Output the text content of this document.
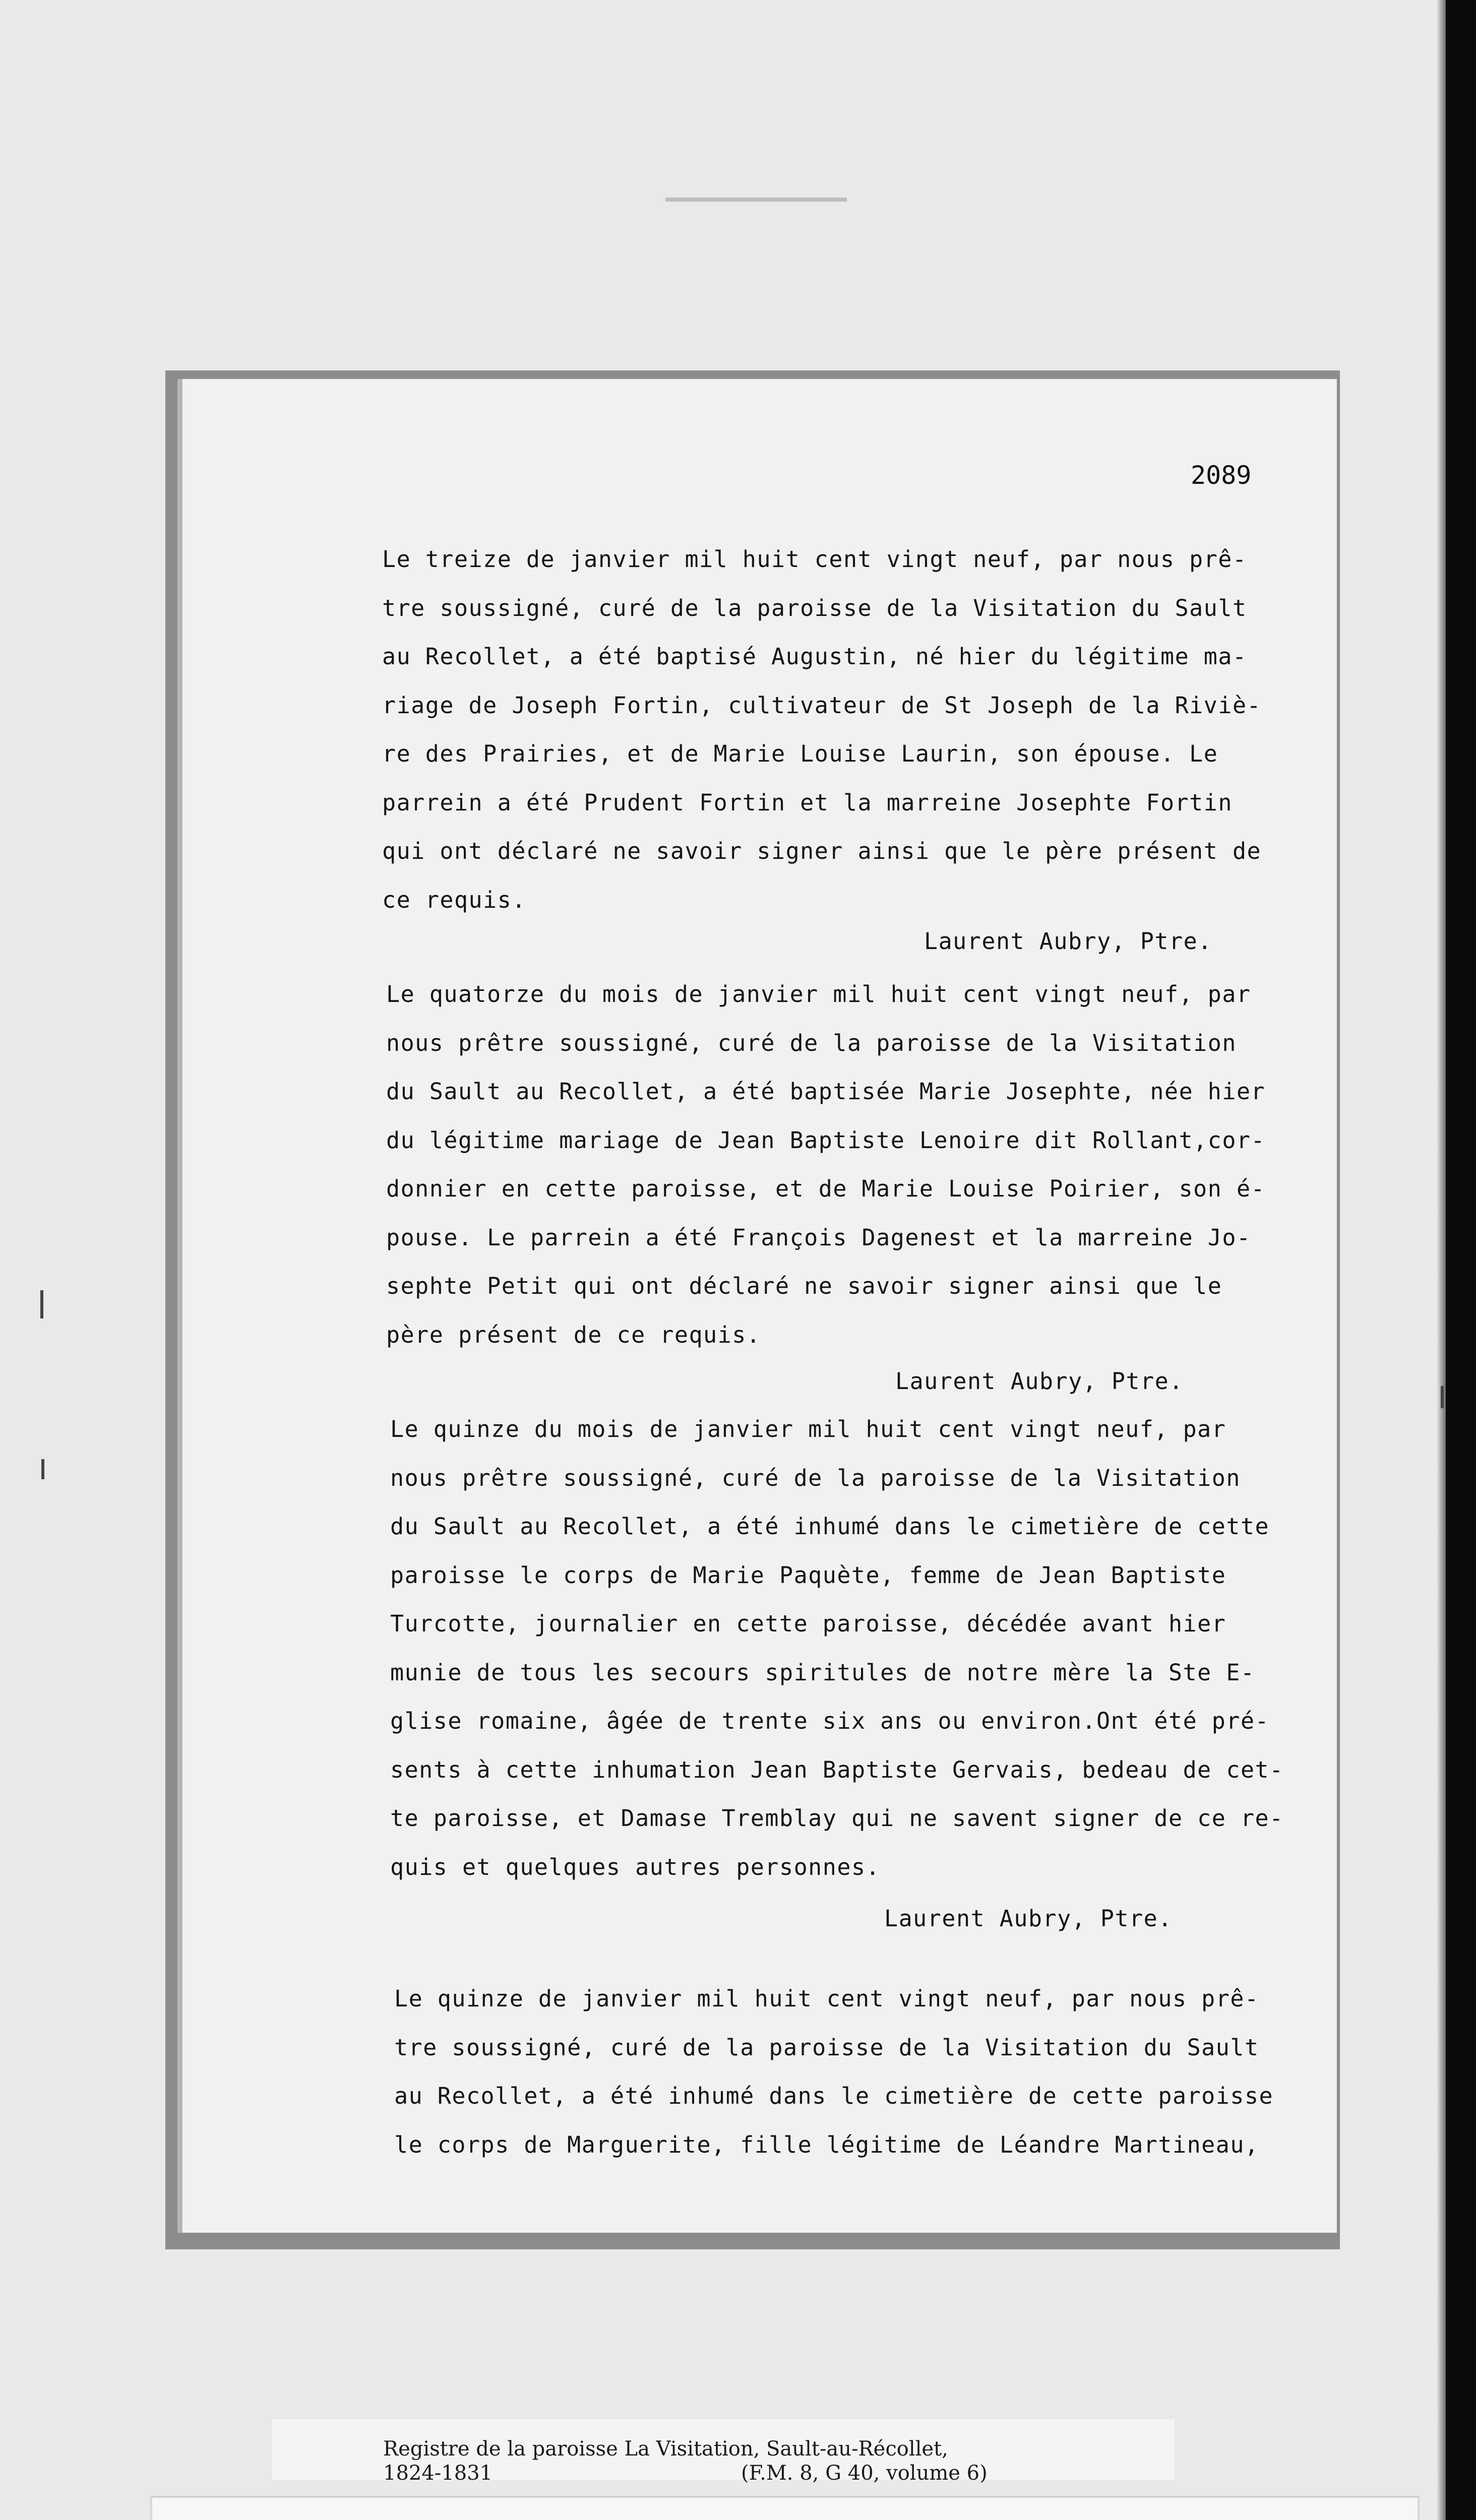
2089
Le treize de janvier mil huit cent vingt neuf, par nous prê-
tre soussigné, curé de la paroisse de la Visitation du Sault
au Recollet, a été baptisé Augustin, né hier du légitime ma-
riage de Joseph Fortin, cultivateur de St Joseph de la Riviè-
re des Prairies, et de Marie Louise Laurin, son épouse. Le
parrein a été Prudent Fortin et la marreine Josephte Fortin
qui ont déclaré ne savoir signer ainsi que le père présent de
ce requis.
Laurent Aubry, Ptre.
Le quatorze du mois de janvier mil huit cent vingt neuf, par
nous prêtre soussigné, curé de la paroisse de la Visitation
du Sault au Recollet, a été baptisée Marie Josephte, née hier
du légitime mariage de Jean Baptiste Lenoire dit Rollant,cor-
donnier en cette paroisse, et de Marie Louise Poirier, son é-
pouse. Le parrein a été François Dagenest et la marreine Jo-
sephte Petit qui ont déclaré ne savoir signer ainsi que le
père présent de ce requis.
Laurent Aubry, Ptre.
Le quinze du mois de janvier mil huit cent vingt neuf, par
nous prêtre soussigné, curé de la paroisse de la Visitation
du Sault au Recollet, a été inhumé dans le cimetière de cette
paroisse le corps de Marie Paquète, femme de Jean Baptiste
Turcotte, journalier en cette paroisse, décédée avant hier
munie de tous les secours spiritules de notre mère la Ste E-
glise romaine, âgée de trente six ans ou environ.Ont été pré-
sents à cette inhumation Jean Baptiste Gervais, bedeau de cet-
te paroisse, et Damase Tremblay qui ne savent signer de ce re-
quis et quelques autres personnes.
Laurent Aubry, Ptre.
Le quinze de janvier mil huit cent vingt neuf, par nous prê-
tre soussigné, curé de la paroisse de la Visitation du Sault
au Recollet, a été inhumé dans le cimetière de cette paroisse
le corps de Marguerite, fille légitime de Léandre Martineau,
Registre de la paroisse La Visitation, Sault-au-Récollet,
1824-1831	(F.M. 8, G 40, volume 6)
